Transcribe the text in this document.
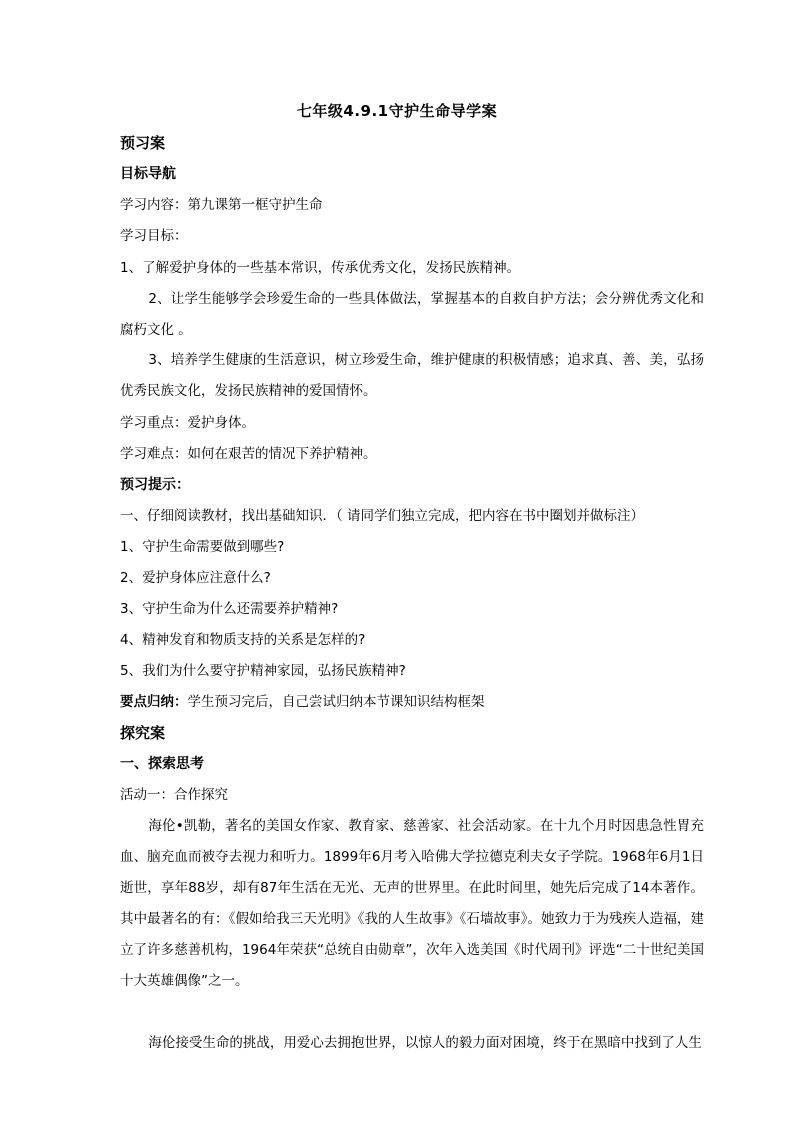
七年级4.9.1守护生命导学案
预习案
目标导航
学习内容：第九课第一框守护生命
学习目标：
1、了解爱护身体的一些基本常识，传承优秀文化，发扬民族精神。
2、让学生能够学会珍爱生命的一些具体做法，掌握基本的自救自护方法；会分辨优秀文化和腐朽文化 。
3、培养学生健康的生活意识，树立珍爱生命，维护健康的积极情感；追求真、善、美，弘扬优秀民族文化，发扬民族精神的爱国情怀。
学习重点：爱护身体。
学习难点：如何在艰苦的情况下养护精神。
预习提示：
一、仔细阅读教材，找出基础知识．（ 请同学们独立完成，把内容在书中圈划并做标注）
1、守护生命需要做到哪些?
2、爱护身体应注意什么?
3、守护生命为什么还需要养护精神?
4、精神发育和物质支持的关系是怎样的?
5、我们为什么要守护精神家园，弘扬民族精神?
要点归纳：学生预习完后，自己尝试归纳本节课知识结构框架
探究案
一、探索思考
活动一：合作探究
海伦•凯勒，著名的美国女作家、教育家、慈善家、社会活动家。在十九个月时因患急性胃充血、脑充血而被夺去视力和听力。1899年6月考入哈佛大学拉德克利夫女子学院。1968年6月1日逝世，享年88岁，却有87年生活在无光、无声的世界里。在此时间里，她先后完成了14本著作。其中最著名的有：《假如给我三天光明》《我的人生故事》《石墙故事》。她致力于为残疾人造福，建立了许多慈善机构，1964年荣获“总统自由勋章”，次年入选美国《时代周刊》评选“二十世纪美国十大英雄偶像”之一。
海伦接受生命的挑战，用爱心去拥抱世界，以惊人的毅力面对困境，终于在黑暗中找到了人生
